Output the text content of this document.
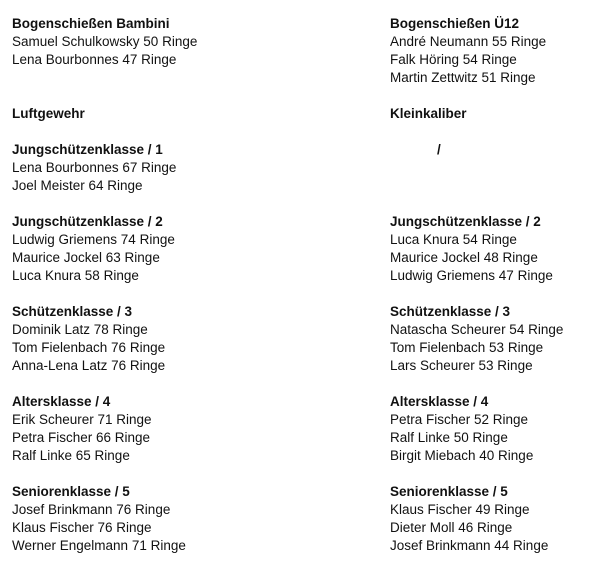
Bogenschießen Bambini
Samuel Schulkowsky 50 Ringe
Lena Bourbonnes 47 Ringe
Luftgewehr
Jungschützenklasse / 1
Lena Bourbonnes 67 Ringe
Joel Meister 64 Ringe
Jungschützenklasse / 2
Ludwig Griemens 74 Ringe
Maurice Jockel 63 Ringe
Luca Knura 58 Ringe
Schützenklasse / 3
Dominik Latz 78 Ringe
Tom Fielenbach 76 Ringe
Anna-Lena Latz 76 Ringe
Altersklasse / 4
Erik Scheurer 71 Ringe
Petra Fischer 66 Ringe
Ralf Linke 65 Ringe
Seniorenklasse / 5
Josef Brinkmann 76 Ringe
Klaus Fischer 76 Ringe
Werner Engelmann 71 Ringe
Bogenschießen Ü12
André Neumann 55 Ringe
Falk Höring 54 Ringe
Martin Zettwitz 51 Ringe
Kleinkaliber
/
Jungschützenklasse / 2
Luca Knura 54 Ringe
Maurice Jockel 48 Ringe
Ludwig Griemens 47 Ringe
Schützenklasse / 3
Natascha Scheurer 54 Ringe
Tom Fielenbach 53 Ringe
Lars Scheurer 53 Ringe
Altersklasse / 4
Petra Fischer 52 Ringe
Ralf Linke 50 Ringe
Birgit Miebach 40 Ringe
Seniorenklasse / 5
Klaus Fischer 49 Ringe
Dieter Moll 46 Ringe
Josef Brinkmann 44 Ringe
